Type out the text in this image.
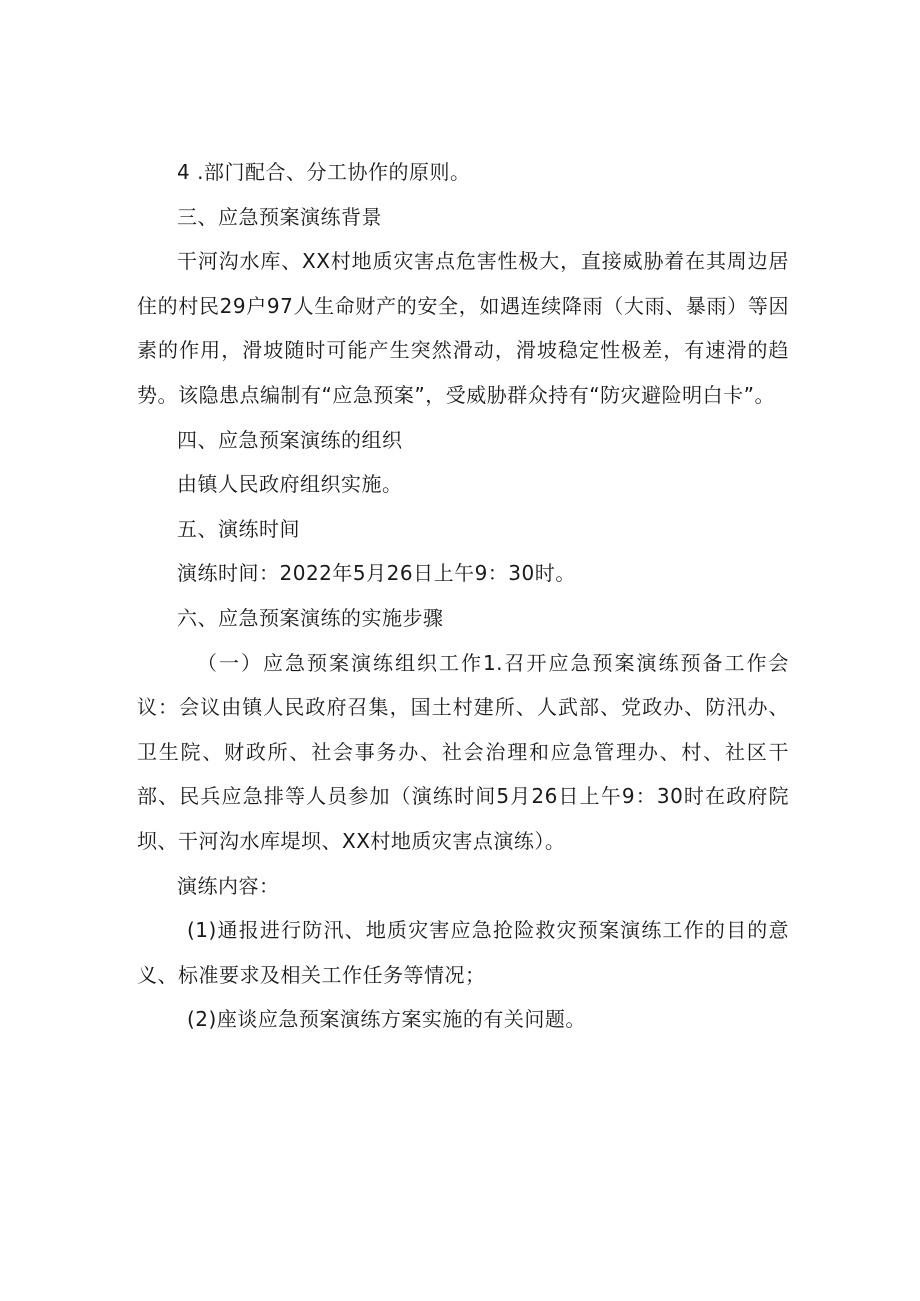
4 .部门配合、分工协作的原则。

三、应急预案演练背景

干河沟水库、XX村地质灾害点危害性极大，直接威胁着在其周边居住的村民29户97人生命财产的安全，如遇连续降雨（大雨、暴雨）等因素的作用，滑坡随时可能产生突然滑动，滑坡稳定性极差，有速滑的趋势。该隐患点编制有“应急预案”，受威胁群众持有“防灾避险明白卡”。

四、应急预案演练的组织

由镇人民政府组织实施。

五、演练时间

演练时间：2022年5月26日上午9：30时。

六、应急预案演练的实施步骤

（一）应急预案演练组织工作1.召开应急预案演练预备工作会议：会议由镇人民政府召集，国土村建所、人武部、党政办、防汛办、卫生院、财政所、社会事务办、社会治理和应急管理办、村、社区干部、民兵应急排等人员参加（演练时间5月26日上午9：30时在政府院坝、干河沟水库堤坝、XX村地质灾害点演练）。

演练内容：

(1)通报进行防汛、地质灾害应急抢险救灾预案演练工作的目的意义、标准要求及相关工作任务等情况；

(2)座谈应急预案演练方案实施的有关问题。
